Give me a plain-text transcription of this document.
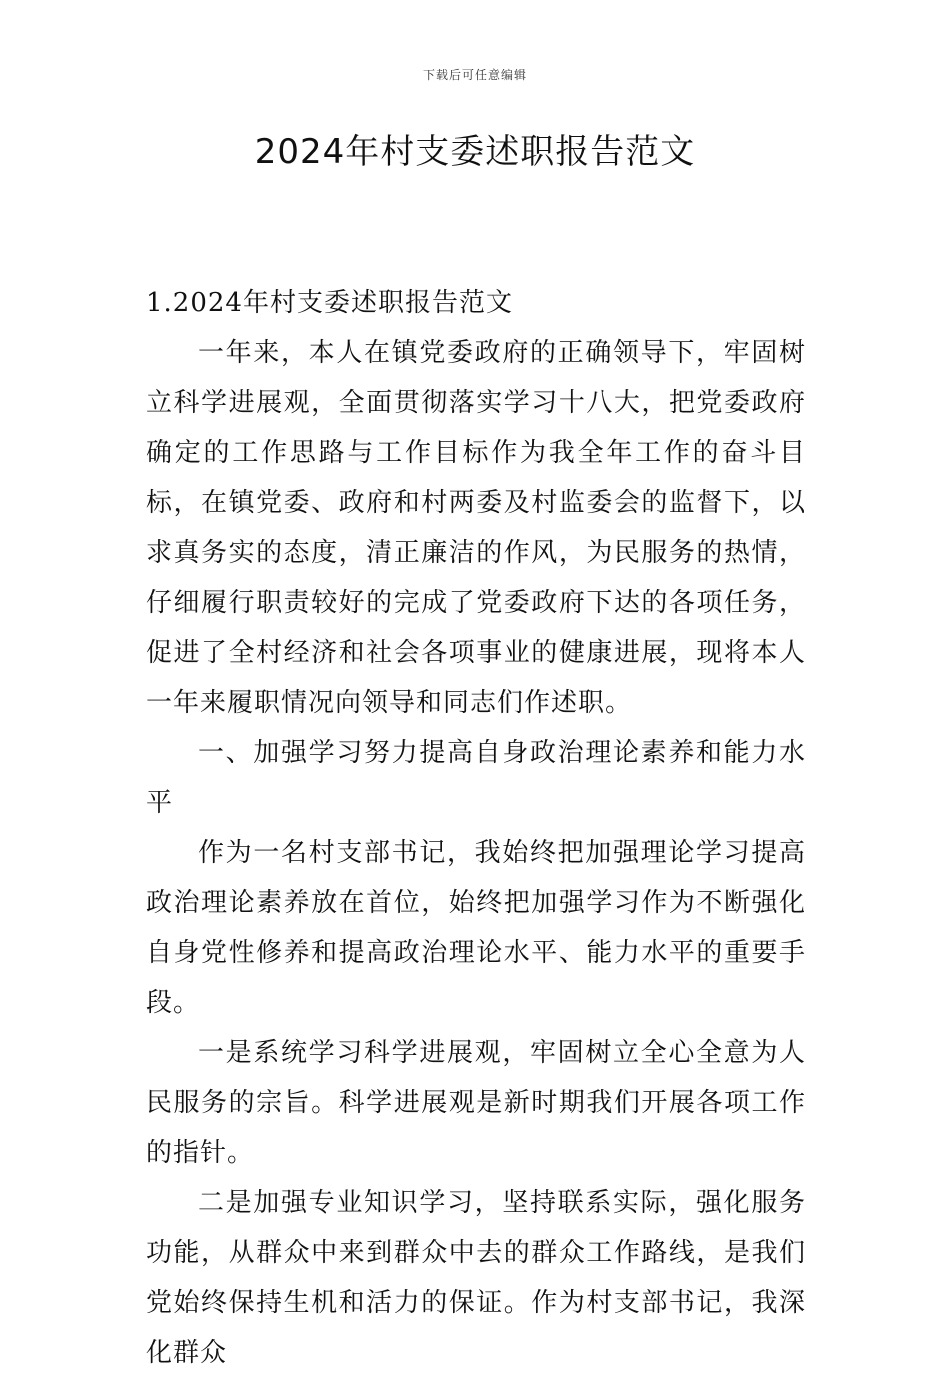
下载后可任意编辑
2024年村支委述职报告范文

1.2024年村支委述职报告范文

一年来，本人在镇党委政府的正确领导下，牢固树立科学进展观，全面贯彻落实学习十八大，把党委政府确定的工作思路与工作目标作为我全年工作的奋斗目标，在镇党委、政府和村两委及村监委会的监督下，以求真务实的态度，清正廉洁的作风，为民服务的热情，仔细履行职责较好的完成了党委政府下达的各项任务，促进了全村经济和社会各项事业的健康进展，现将本人一年来履职情况向领导和同志们作述职。

一、加强学习努力提高自身政治理论素养和能力水平

作为一名村支部书记，我始终把加强理论学习提高政治理论素养放在首位，始终把加强学习作为不断强化自身党性修养和提高政治理论水平、能力水平的重要手段。

一是系统学习科学进展观，牢固树立全心全意为人民服务的宗旨。科学进展观是新时期我们开展各项工作的指针。

二是加强专业知识学习，坚持联系实际，强化服务功能，从群众中来到群众中去的群众工作路线，是我们党始终保持生机和活力的保证。作为村支部书记，我深化群众
